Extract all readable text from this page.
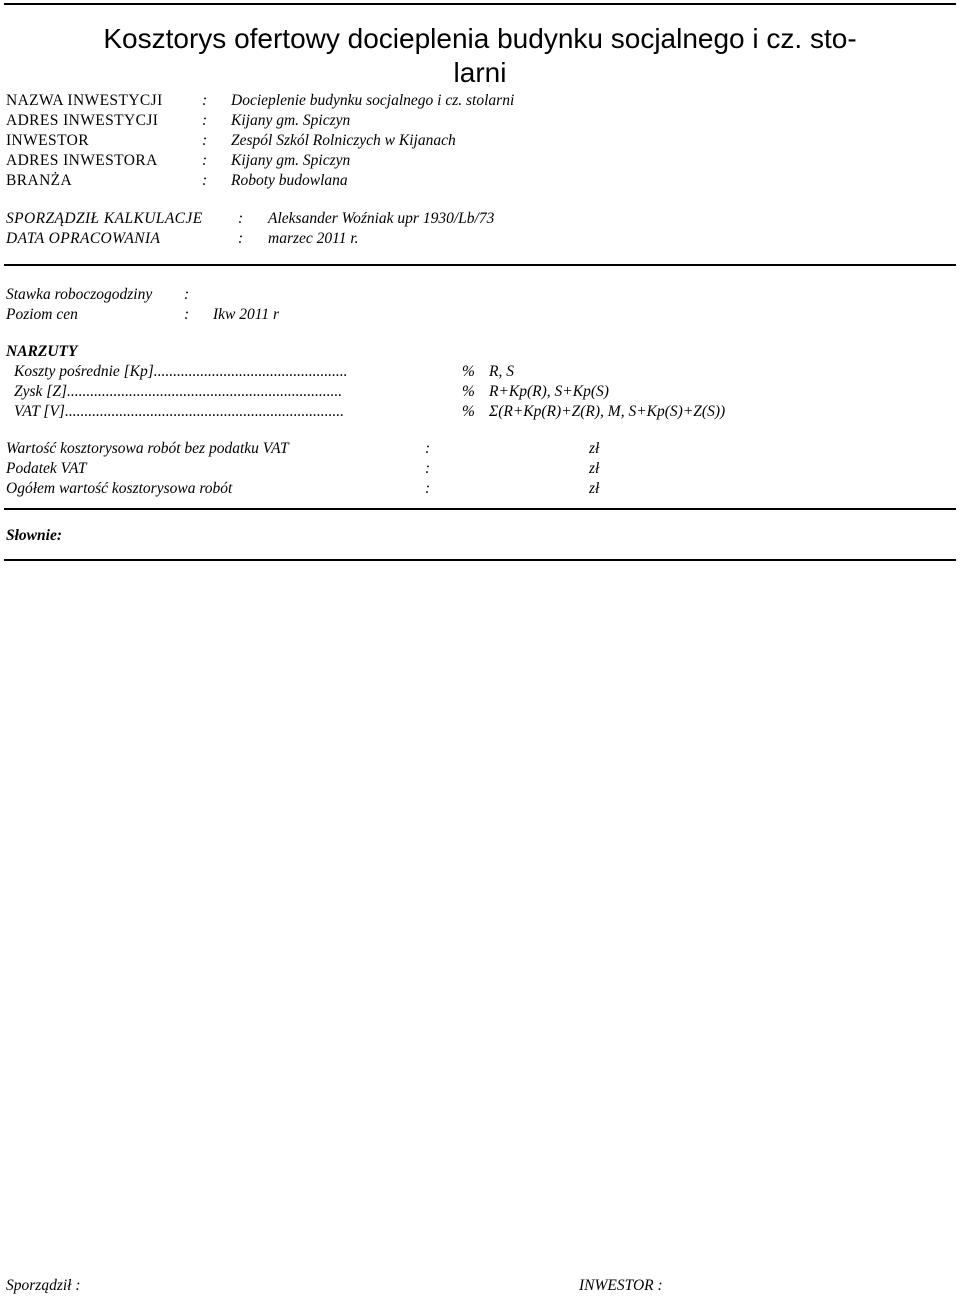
Kosztorys ofertowy docieplenia budynku socjalnego i cz. sto-
larni
NAZWA INWESTYCJI	: Docieplenie budynku socjalnego i cz. stolarni
ADRES INWESTYCJI	: Kijany gm. Spiczyn
INWESTOR	: Zespól Szkól Rolniczych w Kijanach
ADRES INWESTORA	: Kijany gm. Spiczyn
BRANŻA	: Roboty budowlana
SPORZĄDZIŁ KALKULACJE : Aleksander Woźniak upr 1930/Lb/73
DATA OPRACOWANIA	: marzec 2011 r.
Stawka roboczogodziny :
Poziom cen	: Ikw 2011 r
NARZUTY
Koszty pośrednie [Kp]..................................................	% R, S
Zysk [Z].......................................................................	% R+Kp(R), S+Kp(S)
VAT [V]........................................................................	% Σ(R+Kp(R)+Z(R), M, S+Kp(S)+Z(S))
Wartość kosztorysowa robót bez podatku VAT	:	zł
Podatek VAT	:	zł
Ogółem wartość kosztorysowa robót	:	zł
Słownie:
Sporządził :	INWESTOR :
